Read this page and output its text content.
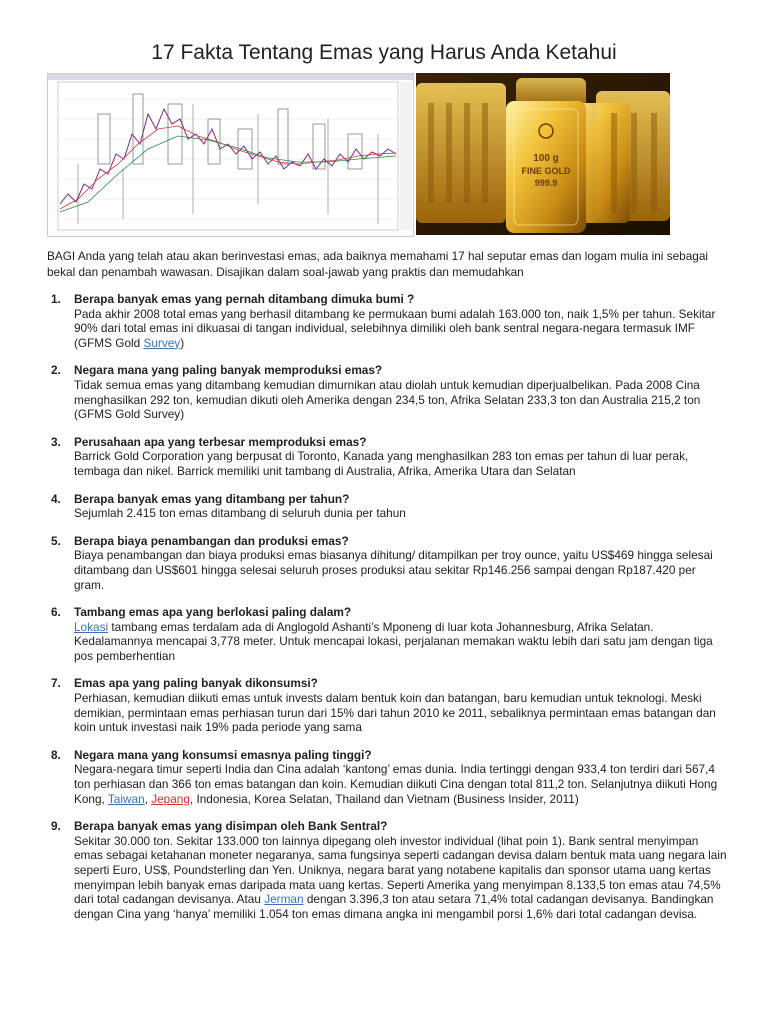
17 Fakta Tentang Emas yang Harus Anda Ketahui
100 g
FINE GOLD
999.9

BAGI Anda yang telah atau akan berinvestasi emas, ada baiknya memahami 17 hal seputar emas dan logam mulia ini sebagai bekal dan penambah wawasan. Disajikan dalam soal-jawab yang praktis dan memudahkan

1. Berapa banyak emas yang pernah ditambang dimuka bumi ?

Pada akhir 2008 total emas yang berhasil ditambang ke permukaan bumi adalah 163.000 ton, naik 1,5% per tahun. Sekitar 90% dari total emas ini dikuasai di tangan individual, selebihnya dimiliki oleh bank sentral negara-negara termasuk IMF (GFMS Gold Survey)

2. Negara mana yang paling banyak memproduksi emas?

Tidak semua emas yang ditambang kemudian dimurnikan atau diolah untuk kemudian diperjualbelikan. Pada 2008 Cina menghasilkan 292 ton, kemudian dikuti oleh Amerika dengan 234,5 ton, Afrika Selatan 233,3 ton dan Australia 215,2 ton (GFMS Gold Survey)

3. Perusahaan apa yang terbesar memproduksi emas?

Barrick Gold Corporation yang berpusat di Toronto, Kanada yang menghasilkan 283 ton emas per tahun di luar perak, tembaga dan nikel. Barrick memiliki unit tambang di Australia, Afrika, Amerika Utara dan Selatan

4. Berapa banyak emas yang ditambang per tahun?

Sejumlah 2.415 ton emas ditambang di seluruh dunia per tahun

5. Berapa biaya penambangan dan produksi emas?

Biaya penambangan dan biaya produksi emas biasanya dihitung/ ditampilkan per troy ounce, yaitu US$469 hingga selesai ditambang dan US$601 hingga selesai seluruh proses produksi atau sekitar Rp146.256 sampai dengan Rp187.420 per gram.

6. Tambang emas apa yang berlokasi paling dalam?

Lokasi tambang emas terdalam ada di Anglogold Ashanti’s Mponeng di luar kota Johannesburg, Afrika Selatan. Kedalamannya mencapai 3,778 meter. Untuk mencapai lokasi, perjalanan memakan waktu lebih dari satu jam dengan tiga pos pemberhentian

7. Emas apa yang paling banyak dikonsumsi?

Perhiasan, kemudian diikuti emas untuk invests dalam bentuk koin dan batangan, baru kemudian untuk teknologi. Meski demikian, permintaan emas perhiasan turun dari 15% dari tahun 2010 ke 2011, sebaliknya permintaan emas batangan dan koin untuk investasi naik 19% pada periode yang sama

8. Negara mana yang konsumsi emasnya paling tinggi?

Negara-negara timur seperti India dan Cina adalah ‘kantong’ emas dunia. India tertinggi dengan 933,4 ton terdiri dari 567,4 ton perhiasan dan 366 ton emas batangan dan koin. Kemudian diikuti Cina dengan total 811,2 ton. Selanjutnya diikuti Hong Kong, Taiwan, Jepang, Indonesia, Korea Selatan, Thailand dan Vietnam (Business Insider, 2011)

9. Berapa banyak emas yang disimpan oleh Bank Sentral?

Sekitar 30.000 ton. Sekitar 133.000 ton lainnya dipegang oleh investor individual (lihat poin 1). Bank sentral menyimpan emas sebagai ketahanan moneter negaranya, sama fungsinya seperti cadangan devisa dalam bentuk mata uang negara lain seperti Euro, US$, Poundsterling dan Yen. Uniknya, negara barat yang notabene kapitalis dan sponsor utama uang kertas menyimpan lebih banyak emas daripada mata uang kertas. Seperti Amerika yang menyimpan 8.133,5 ton emas atau 74,5% dari total cadangan devisanya. Atau Jerman dengan 3.396,3 ton atau setara 71,4% total cadangan devisanya. Bandingkan dengan Cina yang ‘hanya’ memiliki 1.054 ton emas dimana angka ini mengambil porsi 1,6% dari total cadangan devisa.
